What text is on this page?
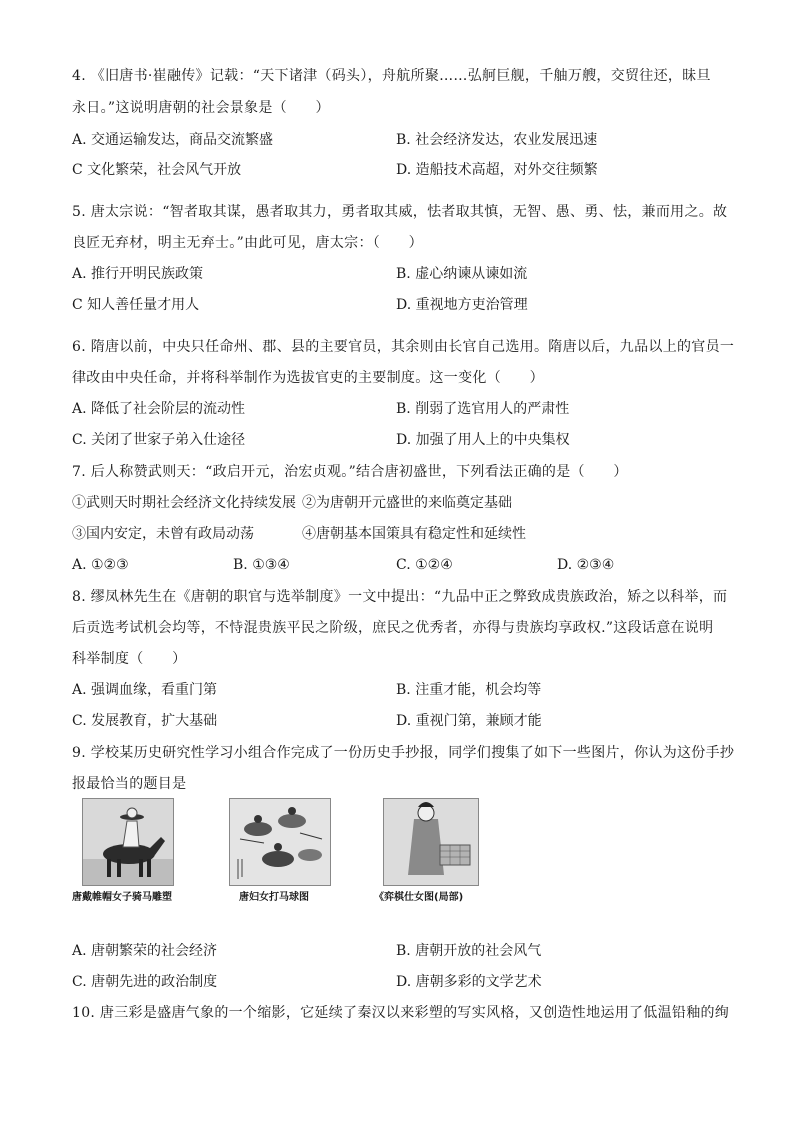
4. 《旧唐书·崔融传》记载：“天下诸津（码头），舟航所聚……弘舸巨舰，千舳万艘，交贸往还，昧旦
永日。”这说明唐朝的社会景象是（　　）
A. 交通运输发达，商品交流繁盛	B. 社会经济发达，农业发展迅速
C 文化繁荣，社会风气开放	D. 造船技术高超，对外交往频繁
5. 唐太宗说：“智者取其谋，愚者取其力，勇者取其威，怯者取其慎，无智、愚、勇、怯，兼而用之。故
良匠无弃材，明主无弃士。”由此可见，唐太宗：（　　）
A. 推行开明民族政策	B. 虚心纳谏从谏如流
C 知人善任量才用人	D. 重视地方吏治管理
6. 隋唐以前，中央只任命州、郡、县的主要官员，其余则由长官自己选用。隋唐以后，九品以上的官员一
律改由中央任命，并将科举制作为选拔官吏的主要制度。这一变化（　　）
A. 降低了社会阶层的流动性	B. 削弱了选官用人的严肃性
C. 关闭了世家子弟入仕途径	D. 加强了用人上的中央集权
7. 后人称赞武则天：“政启开元，治宏贞观。”结合唐初盛世，下列看法正确的是（　　）
①武则天时期社会经济文化持续发展 ②为唐朝开元盛世的来临奠定基础
③国内安定，未曾有政局动荡	④唐朝基本国策具有稳定性和延续性
A. ①②③	B. ①③④	C. ①②④	D. ②③④
8. 缪凤林先生在《唐朝的职官与选举制度》一文中提出：“九品中正之弊致成贵族政治，矫之以科举，而
后贡选考试机会均等，不恃混贵族平民之阶级，庶民之优秀者，亦得与贵族均享政权.”这段话意在说明
科举制度（　　）
A. 强调血缘，看重门第	B. 注重才能，机会均等
C. 发展教育，扩大基础	D. 重视门第，兼顾才能
9. 学校某历史研究性学习小组合作完成了一份历史手抄报，同学们搜集了如下一些图片，你认为这份手抄
报最恰当的题目是
唐戴帷帽女子骑马雕塑	唐妇女打马球图	《弈棋仕女图(局部)
A. 唐朝繁荣的社会经济	B. 唐朝开放的社会风气
C. 唐朝先进的政治制度	D. 唐朝多彩的文学艺术
10. 唐三彩是盛唐气象的一个缩影，它延续了秦汉以来彩塑的写实风格，又创造性地运用了低温铅釉的绚
